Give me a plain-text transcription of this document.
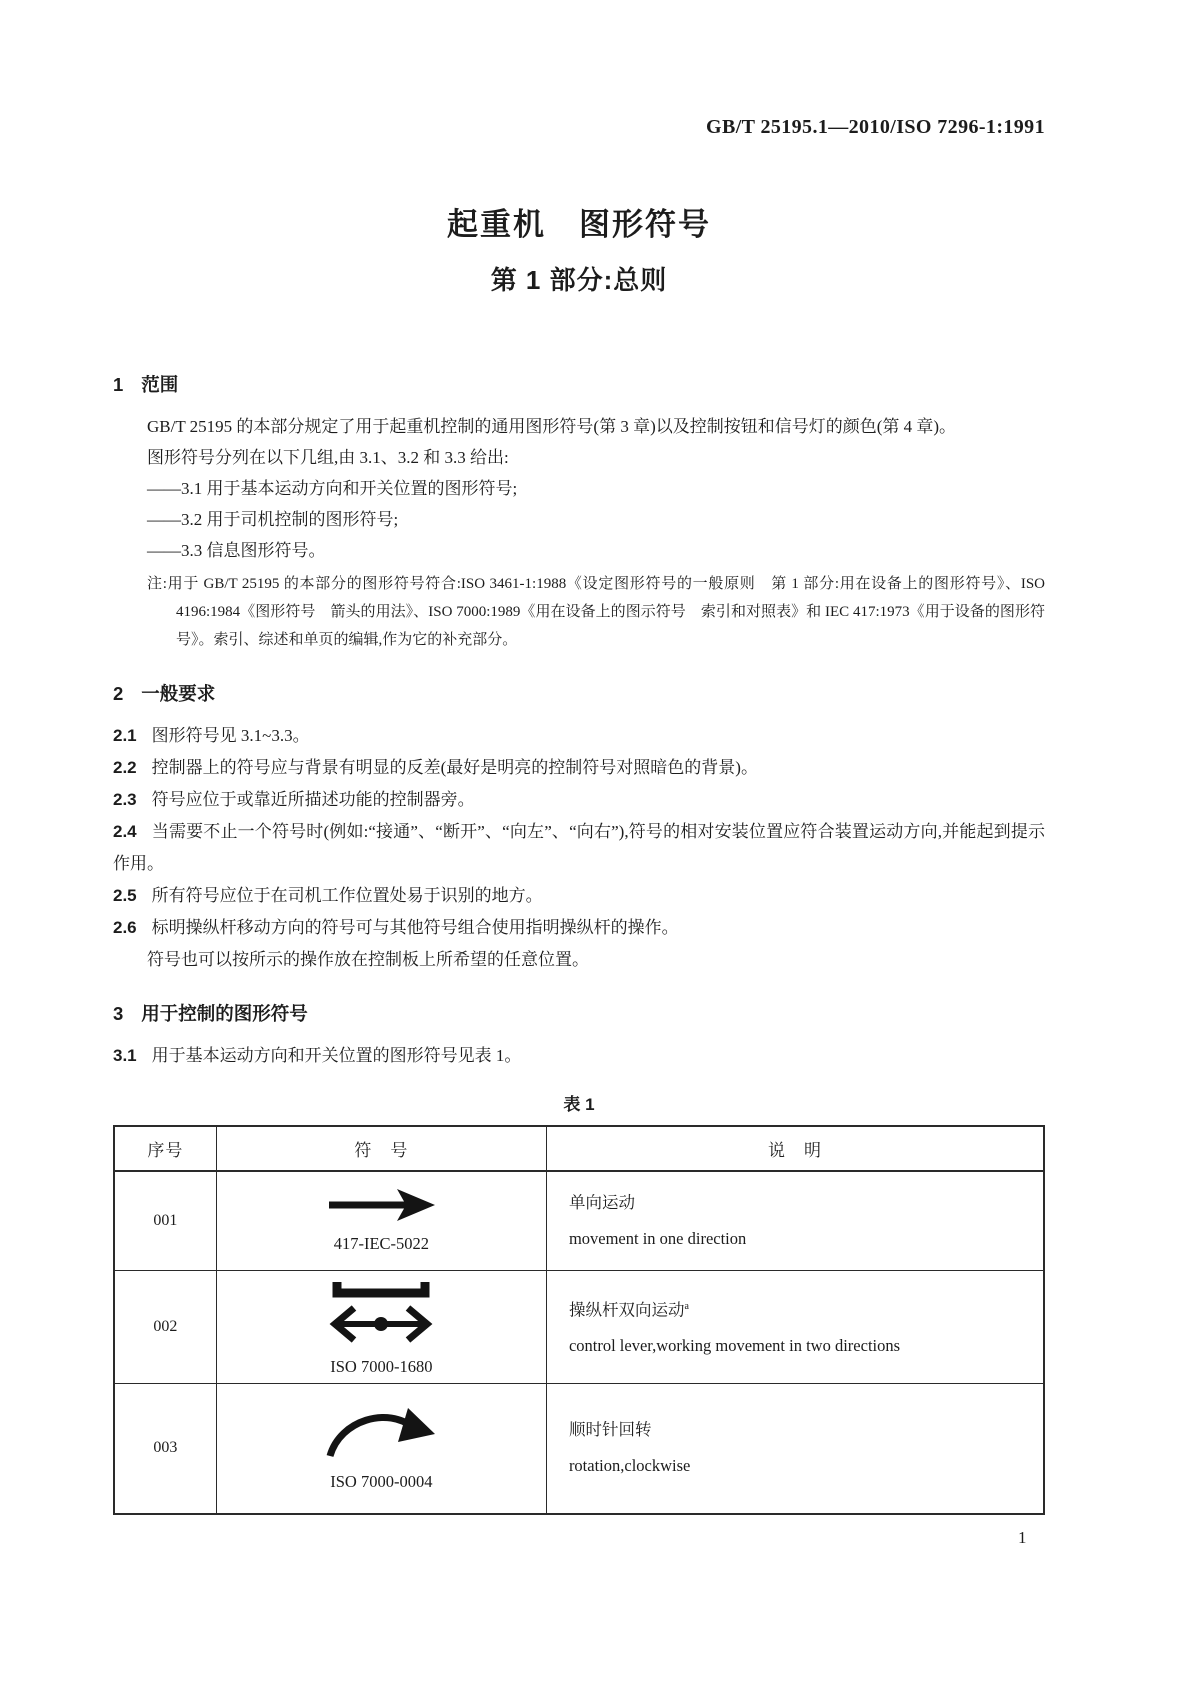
GB/T 25195.1—2010/ISO 7296-1:1991
起重机　图形符号
第 1 部分:总则
1 范围

GB/T 25195 的本部分规定了用于起重机控制的通用图形符号(第 3 章)以及控制按钮和信号灯的颜色(第 4 章)。

图形符号分列在以下几组,由 3.1、3.2 和 3.3 给出:

——3.1 用于基本运动方向和开关位置的图形符号;

——3.2 用于司机控制的图形符号;

——3.3 信息图形符号。

注:用于 GB/T 25195 的本部分的图形符号符合:ISO 3461-1:1988《设定图形符号的一般原则　第 1 部分:用在设备上的图形符号》、ISO 4196:1984《图形符号　箭头的用法》、ISO 7000:1989《用在设备上的图示符号　索引和对照表》和 IEC 417:1973《用于设备的图形符号》。索引、综述和单页的编辑,作为它的补充部分。

2 一般要求

2.1 图形符号见 3.1~3.3。

2.2 控制器上的符号应与背景有明显的反差(最好是明亮的控制符号对照暗色的背景)。

2.3 符号应位于或靠近所描述功能的控制器旁。

2.4 当需要不止一个符号时(例如:“接通”、“断开”、“向左”、“向右”),符号的相对安装位置应符合装置运动方向,并能起到提示作用。

2.5 所有符号应位于在司机工作位置处易于识别的地方。

2.6 标明操纵杆移动方向的符号可与其他符号组合使用指明操纵杆的操作。

符号也可以按所示的操作放在控制板上所希望的任意位置。

3 用于控制的图形符号

3.1 用于基本运动方向和开关位置的图形符号见表 1。

表 1
序号	符　号	说　明
001	417-IEC-5022	单向运动
movement in one direction

002	ISO 7000-1680	操纵杆双向运动$^a$
control lever,working movement in two directions

003	ISO 7000-0004	顺时针回转
rotation,clockwise
1
